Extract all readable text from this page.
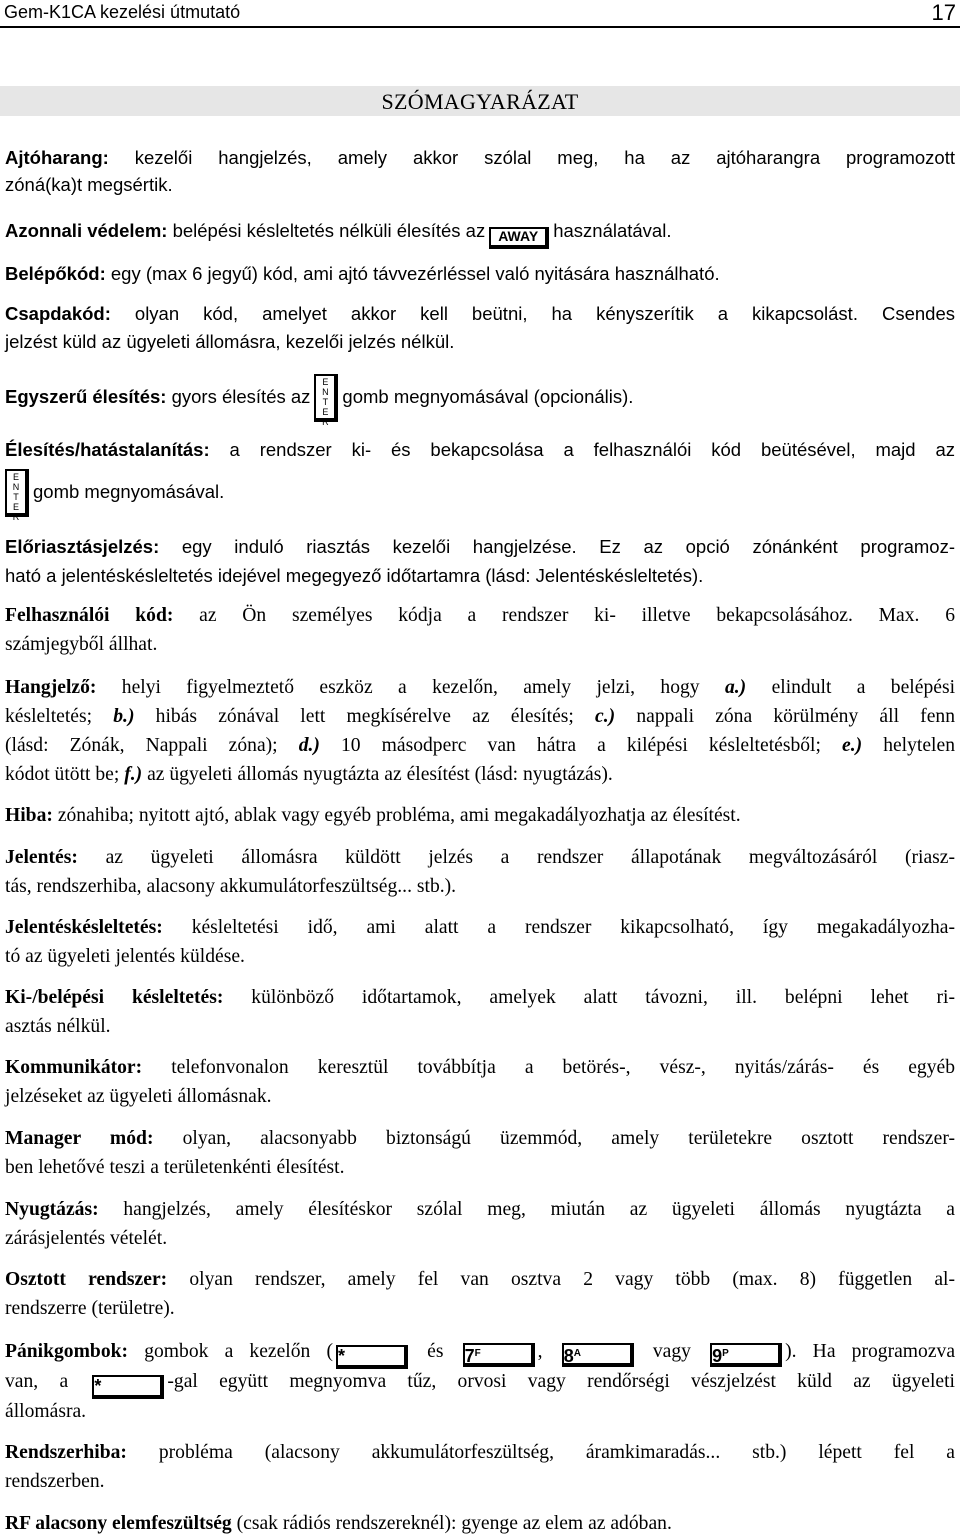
Gem-K1CA kezelési útmutató	17
SZÓMAGYARÁZAT
Ajtóharang: kezelői hangjelzés, amely akkor szólal meg, ha az ajtóharangra programozott
zóná(ka)t megsértik.
Azonnali védelem: belépési késleltetés nélküli élesítés az AWAY használatával.
Belépőkód: egy (max 6 jegyű) kód, ami ajtó távvezérléssel való nyitására használható.
Csapdakód: olyan kód, amelyet akkor kell beütni, ha kényszerítik a kikapcsolást. Csendes
jelzést küld az ügyeleti állomásra, kezelői jelzés nélkül.
Egyszerű élesítés: gyors élesítés az
E
N
T
E
R
gomb megnyomásával (opcionális).
Élesítés/hatástalanítás: a rendszer ki- és bekapcsolása a felhasználói kód beütésével, majd az
E
N
T
E
R
gomb megnyomásával.
Előriasztásjelzés: egy induló riasztás kezelői hangjelzése. Ez az opció zónánként programoz-
ható a jelentéskésleltetés idejével megegyező időtartamra (lásd: Jelentéskésleltetés).
Felhasználói kód: az Ön személyes kódja a rendszer ki- illetve bekapcsolásához. Max. 6
számjegyből állhat.
Hangjelző: helyi figyelmeztető eszköz a kezelőn, amely jelzi, hogy a.) elindult a belépési
késleltetés; b.) hibás zónával lett megkísérelve az élesítés; c.) nappali zóna körülmény áll fenn
(lásd: Zónák, Nappali zóna); d.) 10 másodperc van hátra a kilépési késleltetésből; e.) helytelen
kódot ütött be; f.) az ügyeleti állomás nyugtázta az élesítést (lásd: nyugtázás).
Hiba: zónahiba; nyitott ajtó, ablak vagy egyéb probléma, ami megakadályozhatja az élesítést.
Jelentés: az ügyeleti állomásra küldött jelzés a rendszer állapotának megváltozásáról (riasz-
tás, rendszerhiba, alacsony akkumulátorfeszültség... stb.).
Jelentéskésleltetés: késleltetési idő, ami alatt a rendszer kikapcsolható, így megakadályozha-
tó az ügyeleti jelentés küldése.
Ki-/belépési késleltetés: különböző időtartamok, amelyek alatt távozni, ill. belépni lehet ri-
asztás nélkül.
Kommunikátor: telefonvonalon keresztül továbbítja a betörés-, vész-, nyitás/zárás- és egyéb
jelzéseket az ügyeleti állomásnak.
Manager mód: olyan, alacsonyabb biztonságú üzemmód, amely területekre osztott rendszer-
ben lehetővé teszi a területenkénti élesítést.
Nyugtázás: hangjelzés, amely élesítéskor szólal meg, miután az ügyeleti állomás nyugtázta a
zárásjelentés vételét.
Osztott rendszer: olyan rendszer, amely fel van osztva 2 vagy több (max. 8) független al-
rendszerre (területre).
Pánikgombok: gombok a kezelőn ( *	és $7^F$	, $8^A$	vagy $9^P$	). Ha programozva
van, a *	-gal együtt megnyomva tűz, orvosi vagy rendőrségi vészjelzést küld az ügyeleti
állomásra.
Rendszerhiba: probléma (alacsony akkumulátorfeszültség, áramkimaradás... stb.) lépett fel a
rendszerben.
RF alacsony elemfeszültség (csak rádiós rendszereknél): gyenge az elem az adóban.
